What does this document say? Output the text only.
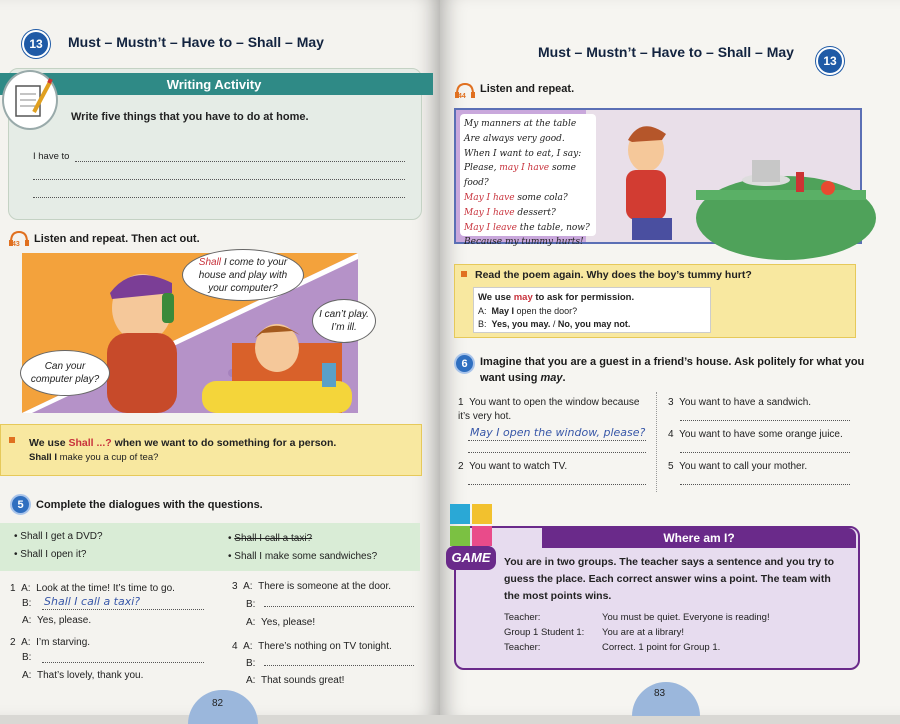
13	Must – Mustn’t – Have to – Shall – May
Writing Activity
Write five things that you have to do at home.
I have to
43 Listen and repeat. Then act out.
Shall I come to your house and play with your computer?
I can’t play. I’m ill.
Can your computer play?
We use Shall ...? when we want to do something for a person.
Shall I make you a cup of tea?
5	Complete the dialogues with the questions.
• Shall I get a DVD?
• Shall I open it?
• Shall I call a taxi?
• Shall I make some sandwiches?
1 A: Look at the time! It’s time to go.
B: Shall I call a taxi?
A: Yes, please.
2 A: I’m starving.
B:
A: That’s lovely, thank you.
3 A: There is someone at the door.
B:
A: Yes, please!
4 A: There’s nothing on TV tonight.
B:
A: That sounds great!
82
Must – Mustn’t – Have to – Shall – May
13
44
Listen and repeat.
My manners at the table
Are always very good.
When I want to eat, I say:
Please, may I have some food?
May I have some cola?
May I have dessert?
May I leave the table, now?
Because my tummy hurts!
Read the poem again. Why does the boy’s tummy hurt?
We use may to ask for permission.
A: May I open the door?
B: Yes, you may. / No, you may not.
6	Imagine that you are a guest in a friend’s house. Ask politely for what you
want using may.
1 You want to open the window because it’s very hot.
May I open the window, please?
2 You want to watch TV.
3 You want to have a sandwich.
4 You want to have some orange juice.
5 You want to call your mother.
Where am I?
You are in two groups. The teacher says a sentence and you try to guess the place. Each correct answer wins a point. The team with the most points wins.
Teacher:	You must be quiet. Everyone is reading!
Group 1 Student 1: You are at a library!
Teacher:	Correct. 1 point for Group 1.
GAME
83
